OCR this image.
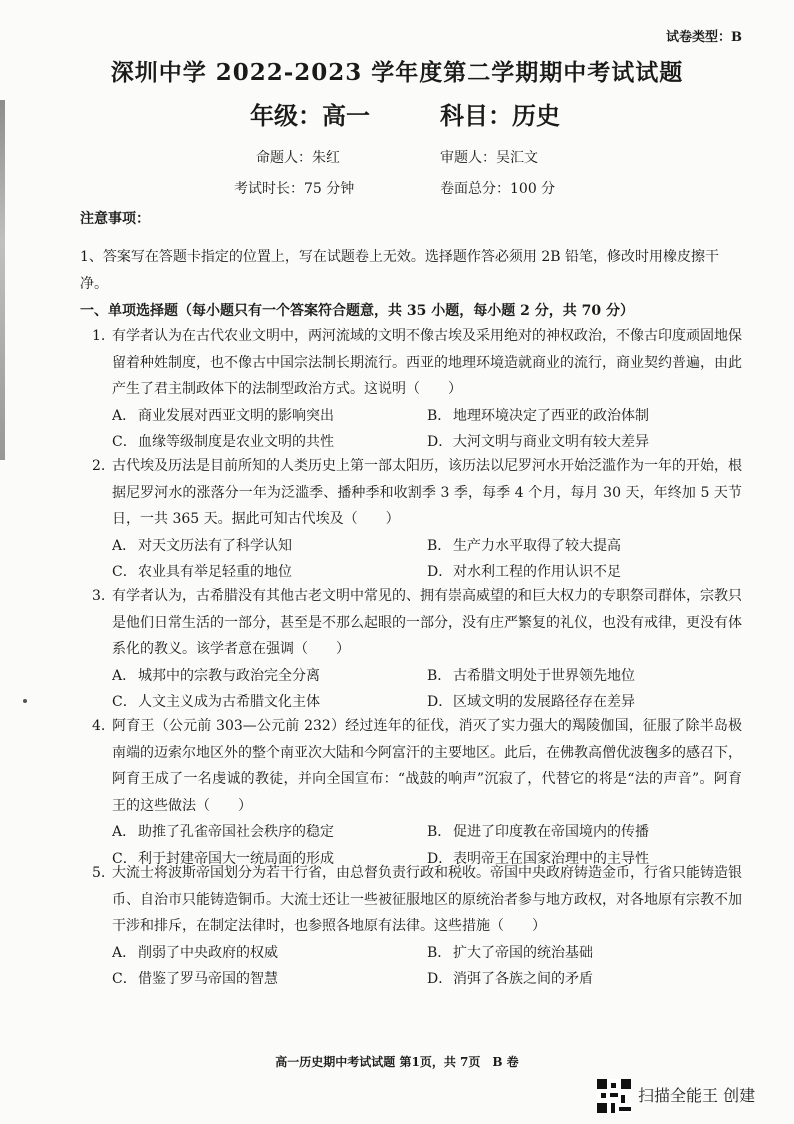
试卷类型：B
深圳中学 2022-2023 学年度第二学期期中考试试题
年级：高一	科目：历史
命题人：朱红	审题人：吴汇文
考试时长：75 分钟	卷面总分：100 分
注意事项：
1、答案写在答题卡指定的位置上，写在试题卷上无效。选择题作答必须用 2B 铅笔，修改时用橡皮擦干净。
一、单项选择题（每小题只有一个答案符合题意，共 35 小题，每小题 2 分，共 70 分）
1. 有学者认为在古代农业文明中，两河流域的文明不像古埃及采用绝对的神权政治，不像古印度顽固地保留着种姓制度，也不像古中国宗法制长期流行。西亚的地理环境造就商业的流行，商业契约普遍，由此产生了君主制政体下的法制型政治方式。这说明（　　）
A． 商业发展对西亚文明的影响突出	B． 地理环境决定了西亚的政治体制
C．血缘等级制度是农业文明的共性	D．大河文明与商业文明有较大差异
2. 古代埃及历法是目前所知的人类历史上第一部太阳历，该历法以尼罗河水开始泛滥作为一年的开始，根据尼罗河水的涨落分一年为泛滥季、播种季和收割季 3 季，每季 4 个月，每月 30 天，年终加 5 天节日，一共 365 天。据此可知古代埃及（　　）
A． 对天文历法有了科学认知	B． 生产力水平取得了较大提高
C．农业具有举足轻重的地位	D．对水利工程的作用认识不足
3. 有学者认为，古希腊没有其他古老文明中常见的、拥有崇高威望的和巨大权力的专职祭司群体，宗教只是他们日常生活的一部分，甚至是不那么起眼的一部分，没有庄严繁复的礼仪，也没有戒律，更没有体系化的教义。该学者意在强调（　　）
A． 城邦中的宗教与政治完全分离	B． 古希腊文明处于世界领先地位
C．人文主义成为古希腊文化主体	D．区域文明的发展路径存在差异
4. 阿育王（公元前 303—公元前 232）经过连年的征伐，消灭了实力强大的羯陵伽国，征服了除半岛极南端的迈索尔地区外的整个南亚次大陆和今阿富汗的主要地区。此后，在佛教高僧优波毱多的感召下，阿育王成了一名虔诚的教徒，并向全国宣布：“战鼓的响声”沉寂了，代替它的将是“法的声音”。阿育王的这些做法（　　）
A． 助推了孔雀帝国社会秩序的稳定	B． 促进了印度教在帝国境内的传播
C．利于封建帝国大一统局面的形成	D．表明帝王在国家治理中的主导性
5. 大流士将波斯帝国划分为若干行省，由总督负责行政和税收。帝国中央政府铸造金币，行省只能铸造银币、自治市只能铸造铜币。大流士还让一些被征服地区的原统治者参与地方政权，对各地原有宗教不加干涉和排斥，在制定法律时，也参照各地原有法律。这些措施（　　）
A． 削弱了中央政府的权威	B． 扩大了帝国的统治基础
C．借鉴了罗马帝国的智慧	D．消弭了各族之间的矛盾
高一历史期中考试试题 第1页，共 7页　B 卷
扫描全能王 创建
